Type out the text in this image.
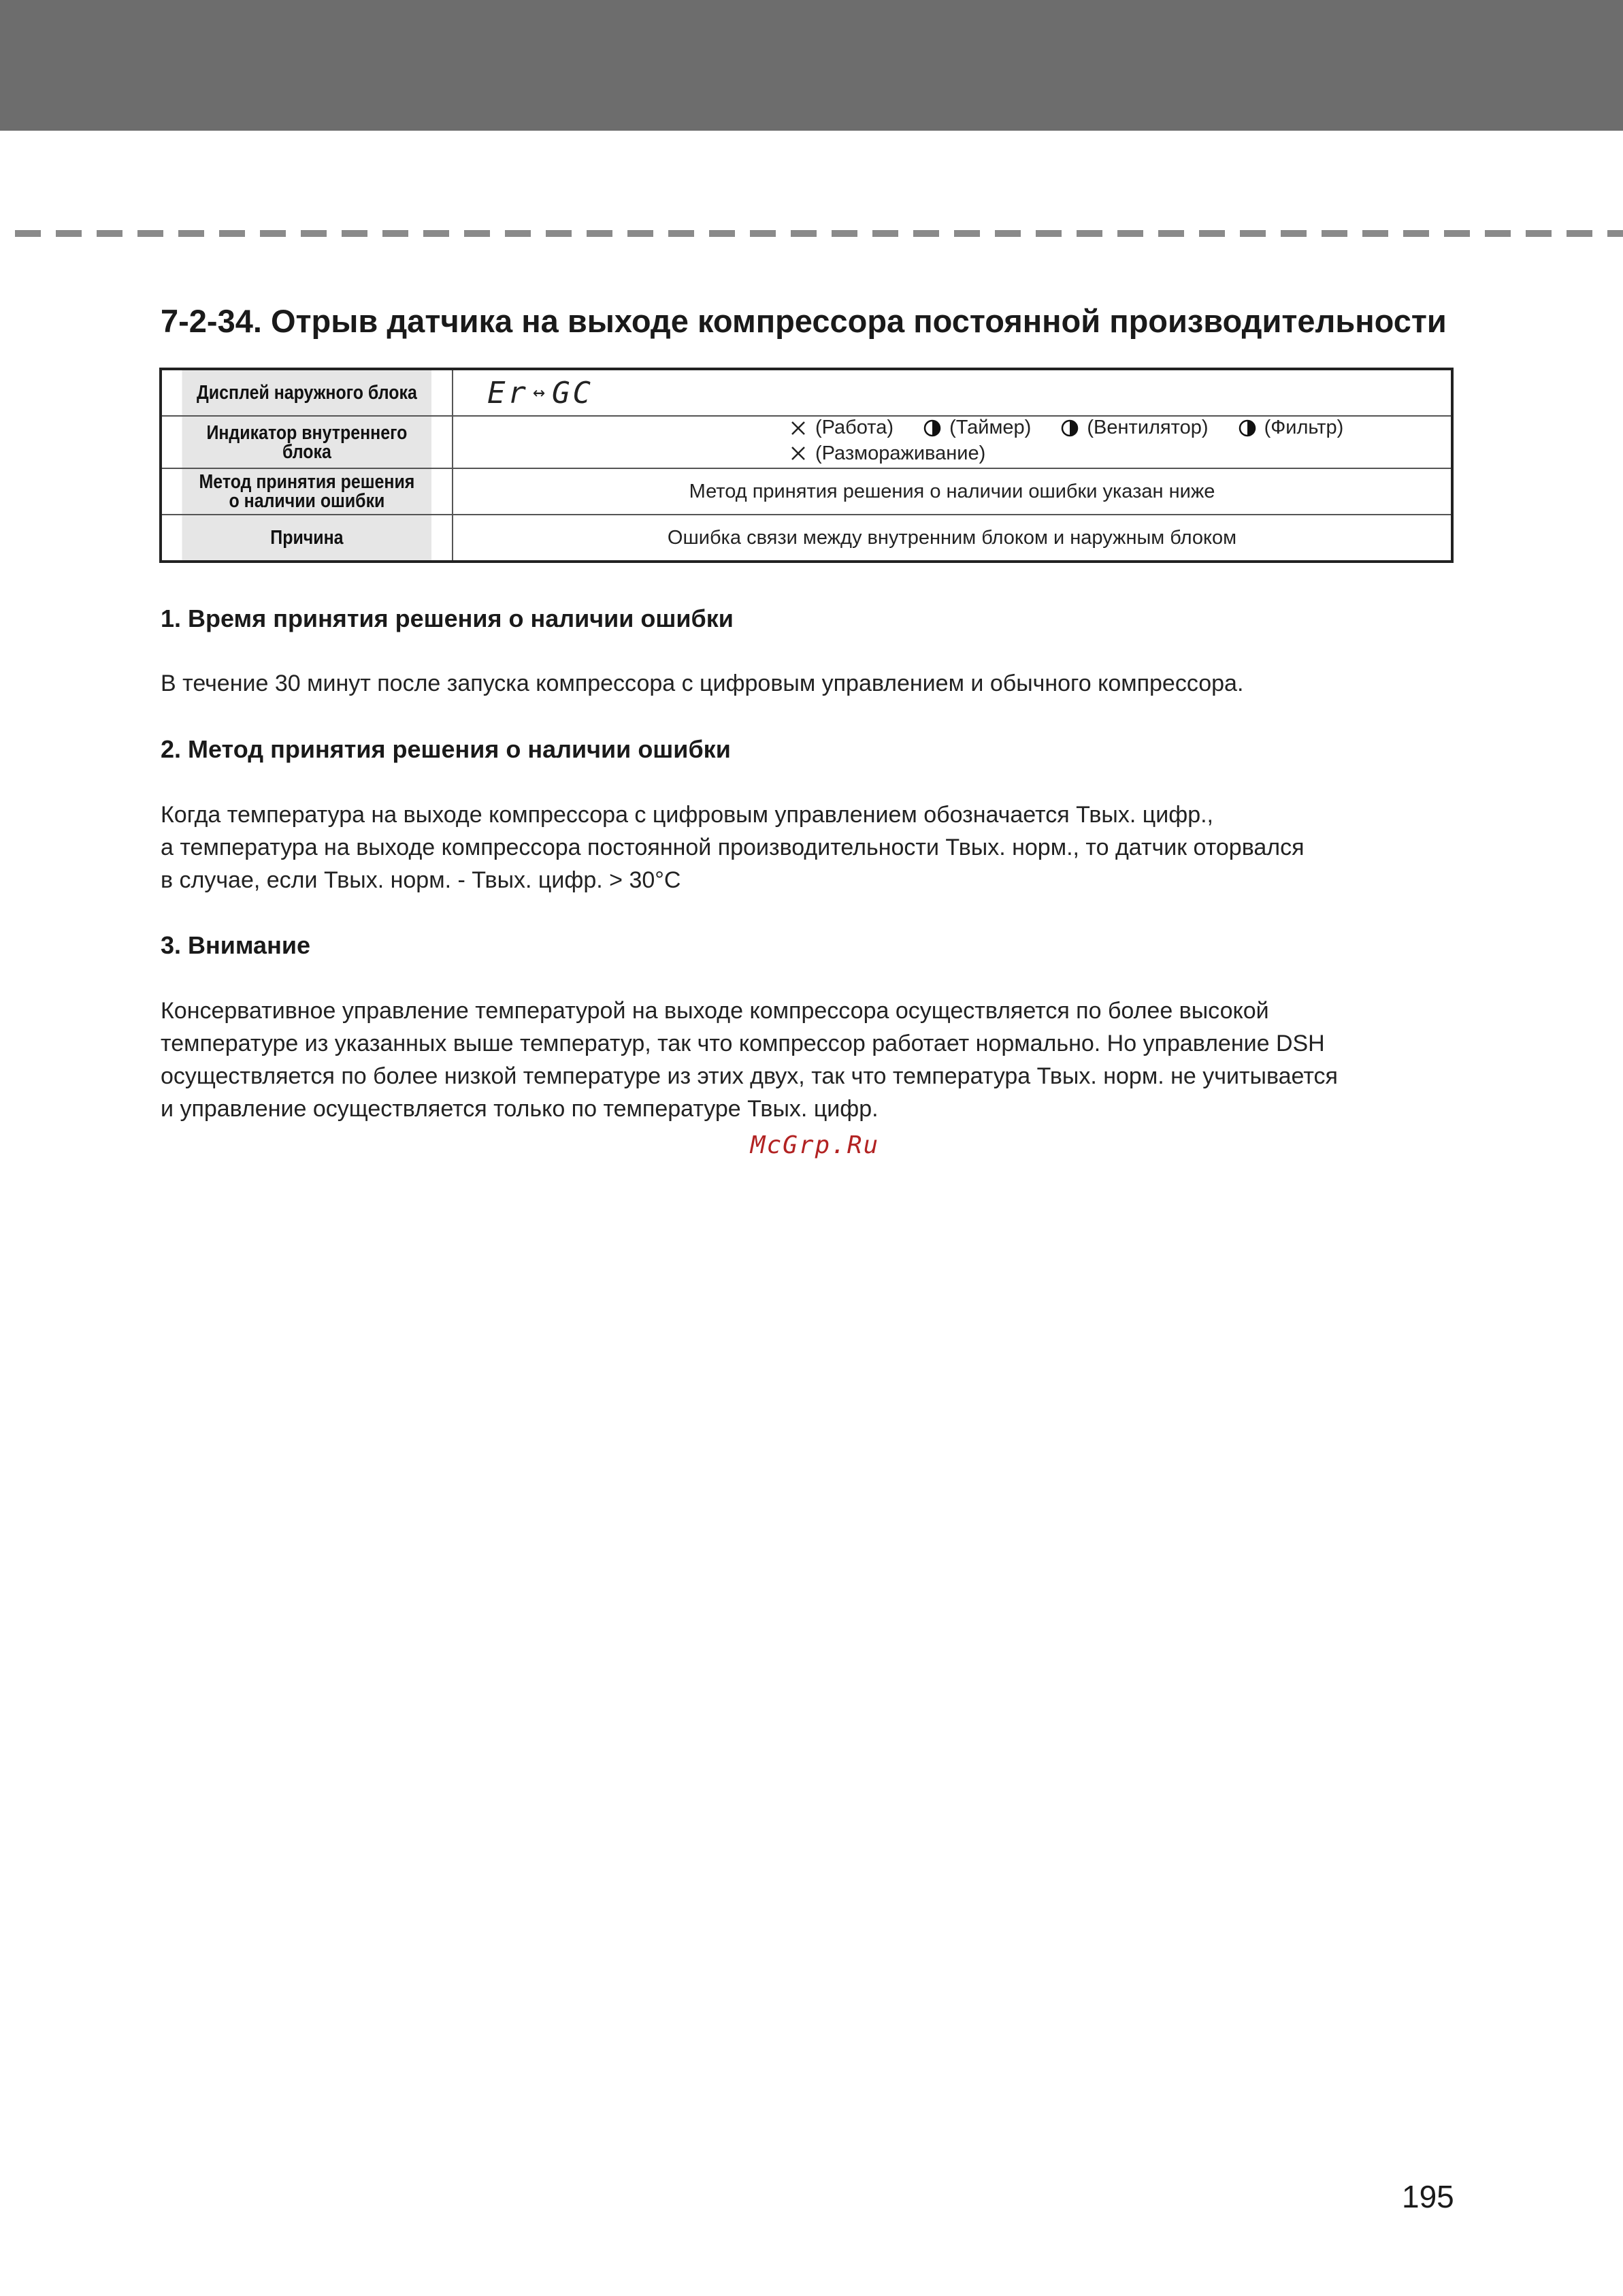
7-2-34. Отрыв датчика на выходе компрессора постоянной производительности
Дисплей наружного блока	Er ↔ GC
Индикатор внутреннего блока	(Работа)
(Таймер)
(Вентилятор)
(Фильтр)

(Размораживание)

Метод принятия решения
о наличии ошибки	Метод принятия решения о наличии ошибки указан ниже
Причина	Ошибка связи между внутренним блоком и наружным блоком
1. Время принятия решения о наличии ошибки

В течение 30 минут после запуска компрессора с цифровым управлением и обычного компрессора.

2. Метод принятия решения о наличии ошибки

Когда температура на выходе компрессора с цифровым управлением обозначается Твых. цифр.,
а температура на выходе компрессора постоянной производительности Твых. норм., то датчик оторвался
в случае, если Твых. норм. - Твых. цифр. > 30°C

3. Внимание

Консервативное управление температурой на выходе компрессора осуществляется по более высокой
температуре из указанных выше температур, так что компрессор работает нормально. Но управление DSH
осуществляется по более низкой температуре из этих двух, так что температура Твых. норм. не учитывается
и управление осуществляется только по температуре Твых. цифр.

McGrp.Ru
195
